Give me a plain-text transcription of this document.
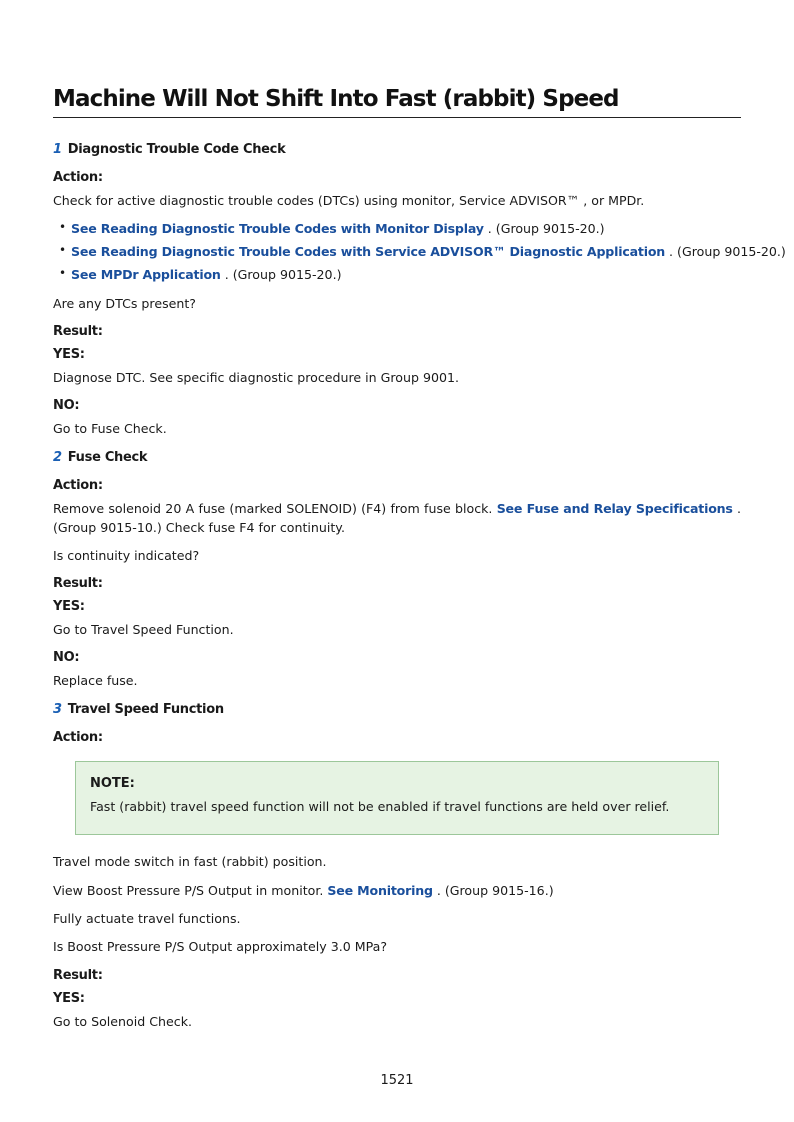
Machine Will Not Shift Into Fast (rabbit) Speed
1 Diagnostic Trouble Code Check
Action:
Check for active diagnostic trouble codes (DTCs) using monitor, Service ADVISOR™ , or MPDr.
• See Reading Diagnostic Trouble Codes with Monitor Display . (Group 9015-20.)
• See Reading Diagnostic Trouble Codes with Service ADVISOR™ Diagnostic Application . (Group 9015-20.)
• See MPDr Application . (Group 9015-20.)
Are any DTCs present?
Result:
YES:
Diagnose DTC. See specific diagnostic procedure in Group 9001.
NO:
Go to Fuse Check.
2 Fuse Check
Action:
Remove solenoid 20 A fuse (marked SOLENOID) (F4) from fuse block. See Fuse and Relay Specifications . (Group 9015-10.) Check fuse F4 for continuity.
Is continuity indicated?
Result:
YES:
Go to Travel Speed Function.
NO:
Replace fuse.
3 Travel Speed Function
Action:
NOTE:
Fast (rabbit) travel speed function will not be enabled if travel functions are held over relief.
Travel mode switch in fast (rabbit) position.
View Boost Pressure P/S Output in monitor. See Monitoring . (Group 9015-16.)
Fully actuate travel functions.
Is Boost Pressure P/S Output approximately 3.0 MPa?
Result:
YES:
Go to Solenoid Check.
1521
